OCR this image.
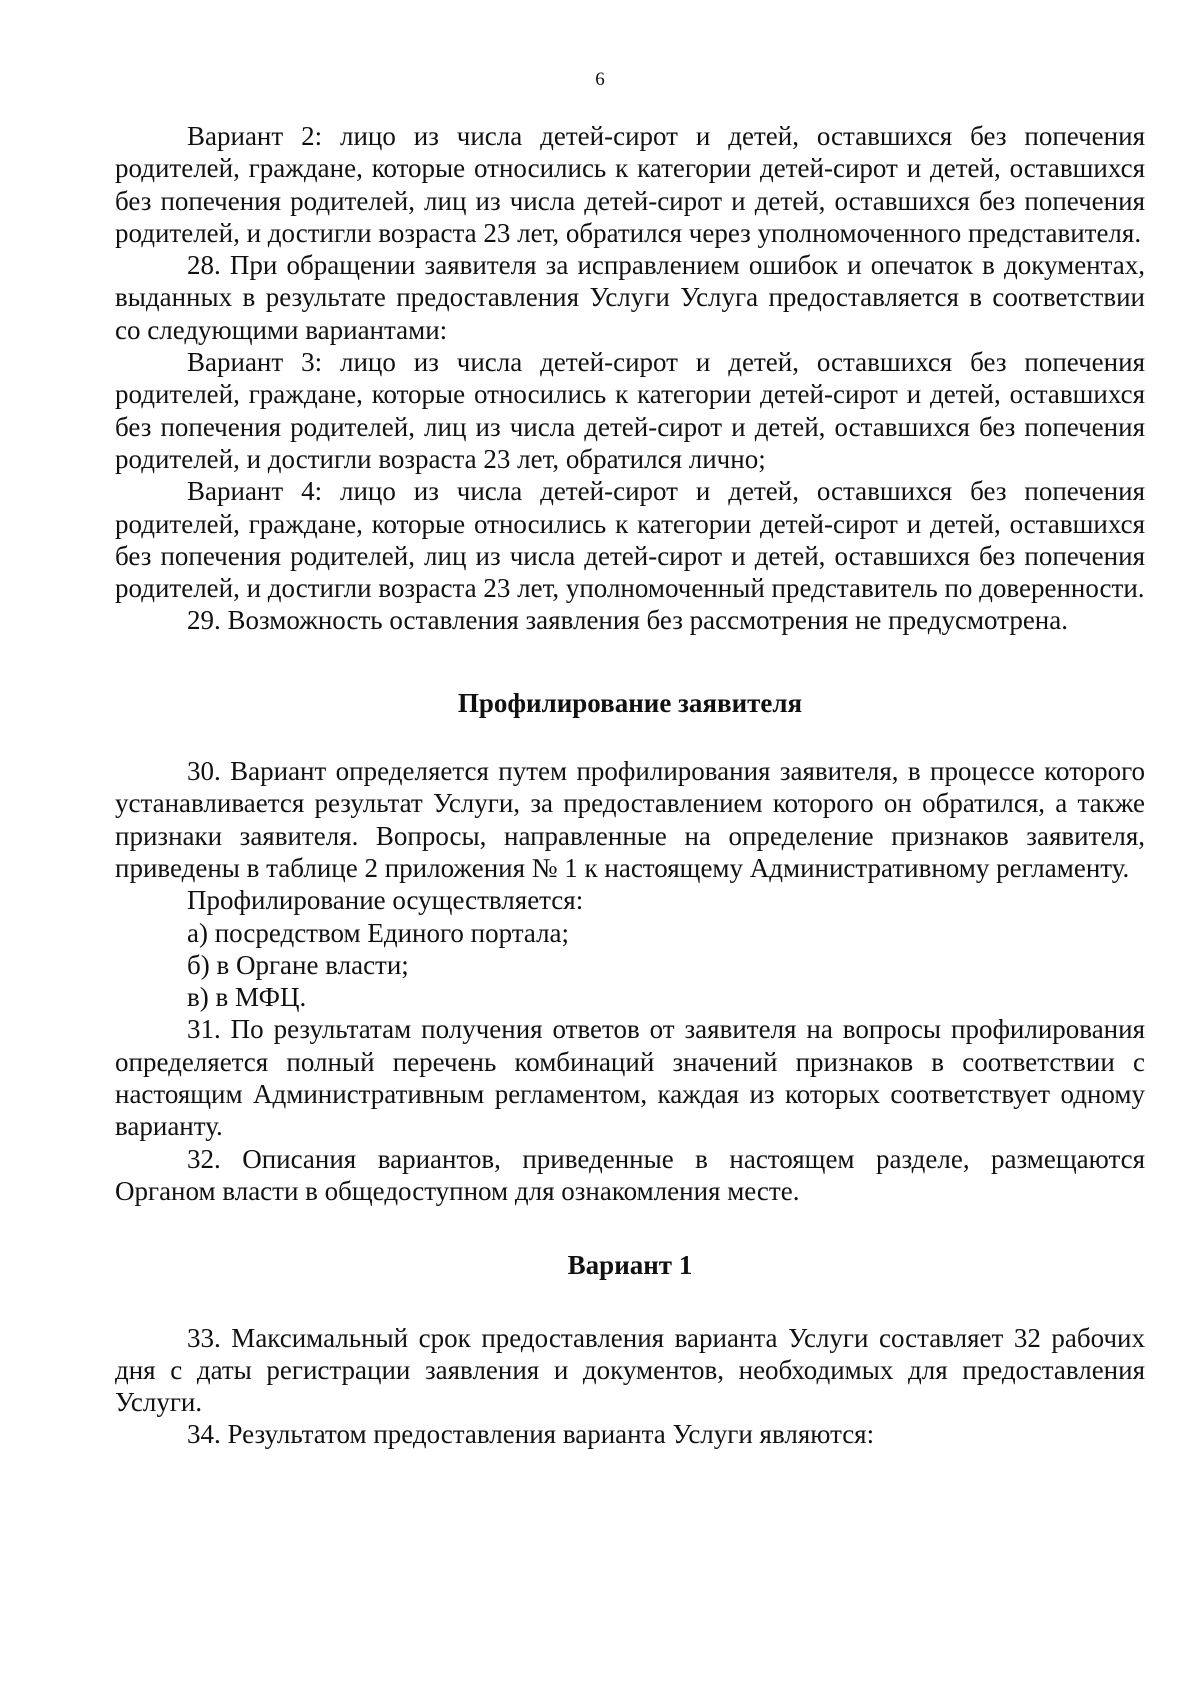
6

Вариант 2: лицо из числа детей-сирот и детей, оставшихся без попечения родителей, граждане, которые относились к категории детей-сирот и детей, оставшихся без попечения родителей, лиц из числа детей-сирот и детей, оставшихся без попечения родителей, и достигли возраста 23 лет, обратился через уполномоченного представителя.

28. При обращении заявителя за исправлением ошибок и опечаток в документах, выданных в результате предоставления Услуги Услуга предоставляется в соответствии со следующими вариантами:

Вариант 3: лицо из числа детей-сирот и детей, оставшихся без попечения родителей, граждане, которые относились к категории детей-сирот и детей, оставшихся без попечения родителей, лиц из числа детей-сирот и детей, оставшихся без попечения родителей, и достигли возраста 23 лет, обратился лично;

Вариант 4: лицо из числа детей-сирот и детей, оставшихся без попечения родителей, граждане, которые относились к категории детей-сирот и детей, оставшихся без попечения родителей, лиц из числа детей-сирот и детей, оставшихся без попечения родителей, и достигли возраста 23 лет, уполномоченный представитель по доверенности.

29. Возможность оставления заявления без рассмотрения не предусмотрена.

Профилирование заявителя

30. Вариант определяется путем профилирования заявителя, в процессе которого устанавливается результат Услуги, за предоставлением которого он обратился, а также признаки заявителя. Вопросы, направленные на определение признаков заявителя, приведены в таблице 2 приложения № 1 к настоящему Административному регламенту.

Профилирование осуществляется:

а) посредством Единого портала;

б) в Органе власти;

в) в МФЦ.

31. По результатам получения ответов от заявителя на вопросы профилирования определяется полный перечень комбинаций значений признаков в соответствии с настоящим Административным регламентом, каждая из которых соответствует одному варианту.

32. Описания вариантов, приведенные в настоящем разделе, размещаются Органом власти в общедоступном для ознакомления месте.

Вариант 1

33. Максимальный срок предоставления варианта Услуги составляет 32 рабочих дня с даты регистрации заявления и документов, необходимых для предоставления Услуги.

34. Результатом предоставления варианта Услуги являются:
